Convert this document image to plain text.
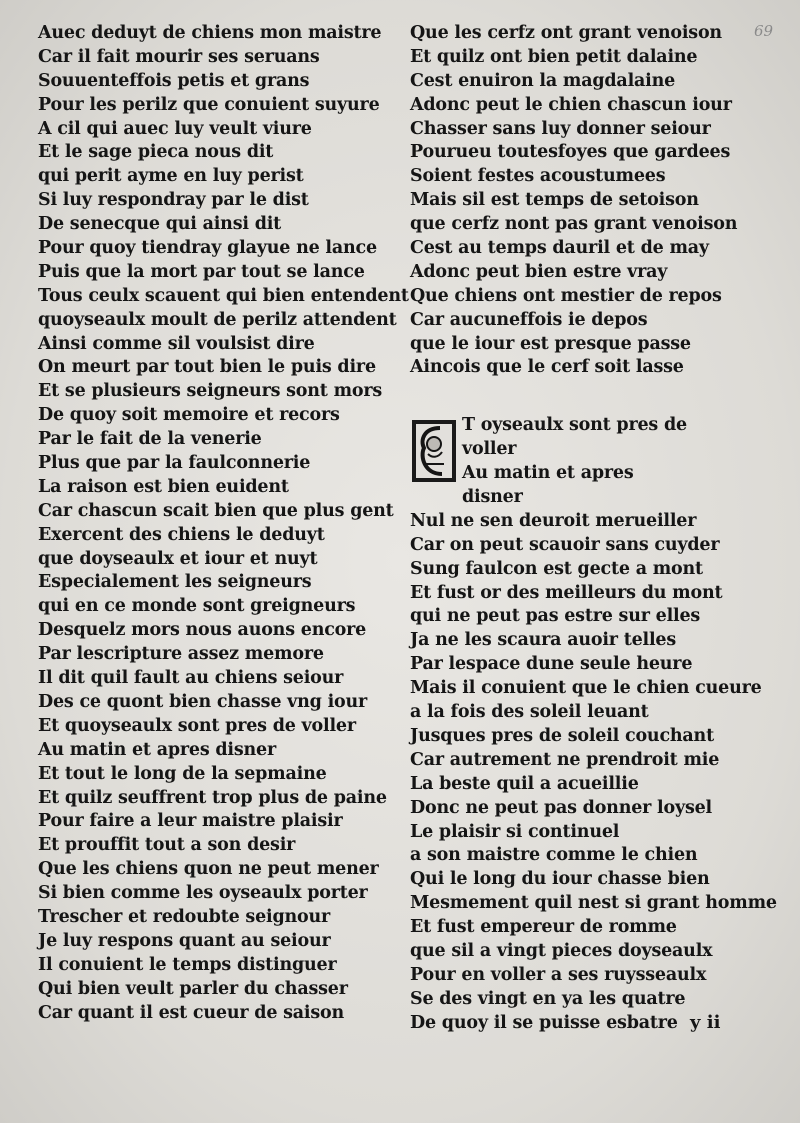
69
Auec deduyt de chiens mon maistre
Car il fait mourir ses seruans
Souuenteffois petis et grans
Pour les perilz que conuient suyure
A cil qui auec luy veult viure
Et le sage pieca nous dit
qui perit ayme en luy perist
Si luy respondray par le dist
De senecque qui ainsi dit
Pour quoy tiendray glayue ne lance
Puis que la mort par tout se lance
Tous ceulx scauent qui bien entendent
quoyseaulx moult de perilz attendent
Ainsi comme sil voulsist dire
On meurt par tout bien le puis dire
Et se plusieurs seigneurs sont mors
De quoy soit memoire et recors
Par le fait de la venerie
Plus que par la faulconnerie
La raison est bien euident
Car chascun scait bien que plus gent
Exercent des chiens le deduyt
que doyseaulx et iour et nuyt
Especialement les seigneurs
qui en ce monde sont greigneurs
Desquelz mors nous auons encore
Par lescripture assez memore
Il dit quil fault au chiens seiour
Des ce quont bien chasse vng iour
Et quoyseaulx sont pres de voller
Au matin et apres disner
Et tout le long de la sepmaine
Et quilz seuffrent trop plus de paine
Pour faire a leur maistre plaisir
Et prouffit tout a son desir
Que les chiens quon ne peut mener
Si bien comme les oyseaulx porter
Trescher et redoubte seignour
Je luy respons quant au seiour
Il conuient le temps distinguer
Qui bien veult parler du chasser
Car quant il est cueur de saison
Que les cerfz ont grant venoison
Et quilz ont bien petit dalaine
Cest enuiron la magdalaine
Adonc peut le chien chascun iour
Chasser sans luy donner seiour
Pourueu toutesfoyes que gardees
Soient festes acoustumees
Mais sil est temps de setoison
que cerfz nont pas grant venoison
Cest au temps dauril et de may
Adonc peut bien estre vray
Que chiens ont mestier de repos
Car aucuneffois ie depos
que le iour est presque passe
Aincois que le cerf soit lasse
T oyseaulx sont pres de
voller
Au matin et apres
disner
Nul ne sen deuroit merueiller
Car on peut scauoir sans cuyder
Sung faulcon est gecte a mont
Et fust or des meilleurs du mont
qui ne peut pas estre sur elles
Ja ne les scaura auoir telles
Par lespace dune seule heure
Mais il conuient que le chien cueure
a la fois des soleil leuant
Jusques pres de soleil couchant
Car autrement ne prendroit mie
La beste quil a acueillie
Donc ne peut pas donner loysel
Le plaisir si continuel
a son maistre comme le chien
Qui le long du iour chasse bien
Mesmement quil nest si grant homme
Et fust empereur de romme
que sil a vingt pieces doyseaulx
Pour en voller a ses ruysseaulx
Se des vingt en ya les quatre
De quoy il se puisse esbatre y ii
